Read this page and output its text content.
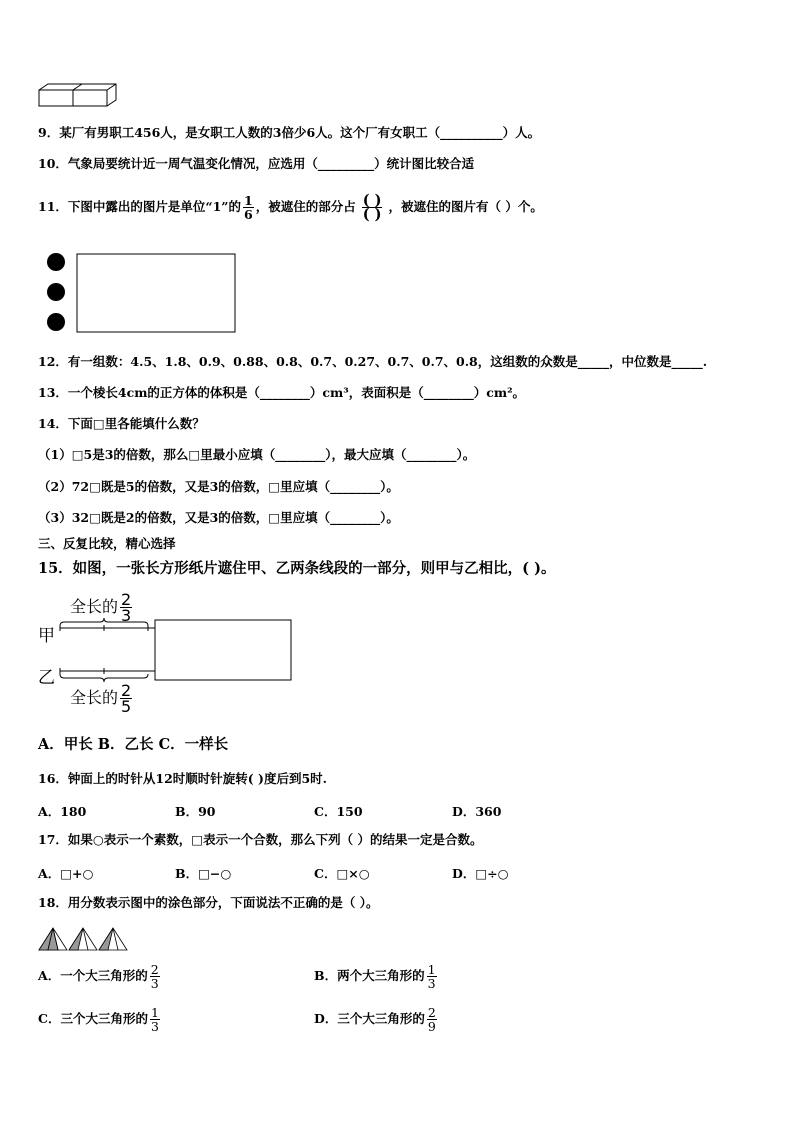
9．某厂有男职工456人，是女职工人数的3倍少6人。这个厂有女职工（__________）人。
10．气象局要统计近一周气温变化情况，应选用（_________）统计图比较合适
11．下图中露出的图片是单位“1”的 $\frac{1}{6}$ ，被遮住的部分占 $\frac{( )}{( )}$ ，被遮住的图片有（ ）个。
12．有一组数：4.5、1.8、0.9、0.88、0.8、0.7、0.27、0.7、0.7、0.8，这组数的众数是_____，中位数是_____.
13．一个棱长4cm的正方体的体积是（________）cm³，表面积是（________）cm²。
14．下面□里各能填什么数？
（1）□5是3的倍数，那么□里最小应填（________），最大应填（________）。
（2）72□既是5的倍数，又是3的倍数，□里应填（________）。
（3）32□既是2的倍数，又是3的倍数，□里应填（________）。
三、反复比较，精心选择
15．如图，一张长方形纸片遮住甲、乙两条线段的一部分，则甲与乙相比，( )。
全长的 $\frac{2}{3}$
甲
乙
全长的 $\frac{2}{5}$
A．甲长 B．乙长 C．一样长
16．钟面上的时针从12时顺时针旋转( )度后到5时.
A．180	B．90	C．150	D．360
17．如果○表示一个素数，□表示一个合数，那么下列（ ）的结果一定是合数。
A．□+○	B．□−○	C．□×○	D．□÷○
18．用分数表示图中的涂色部分，下面说法不正确的是（ ）。
A．一个大三角形的 $\frac{2}{3}$	B．两个大三角形的 $\frac{1}{3}$
C．三个大三角形的 $\frac{1}{3}$	D．三个大三角形的 $\frac{2}{9}$
